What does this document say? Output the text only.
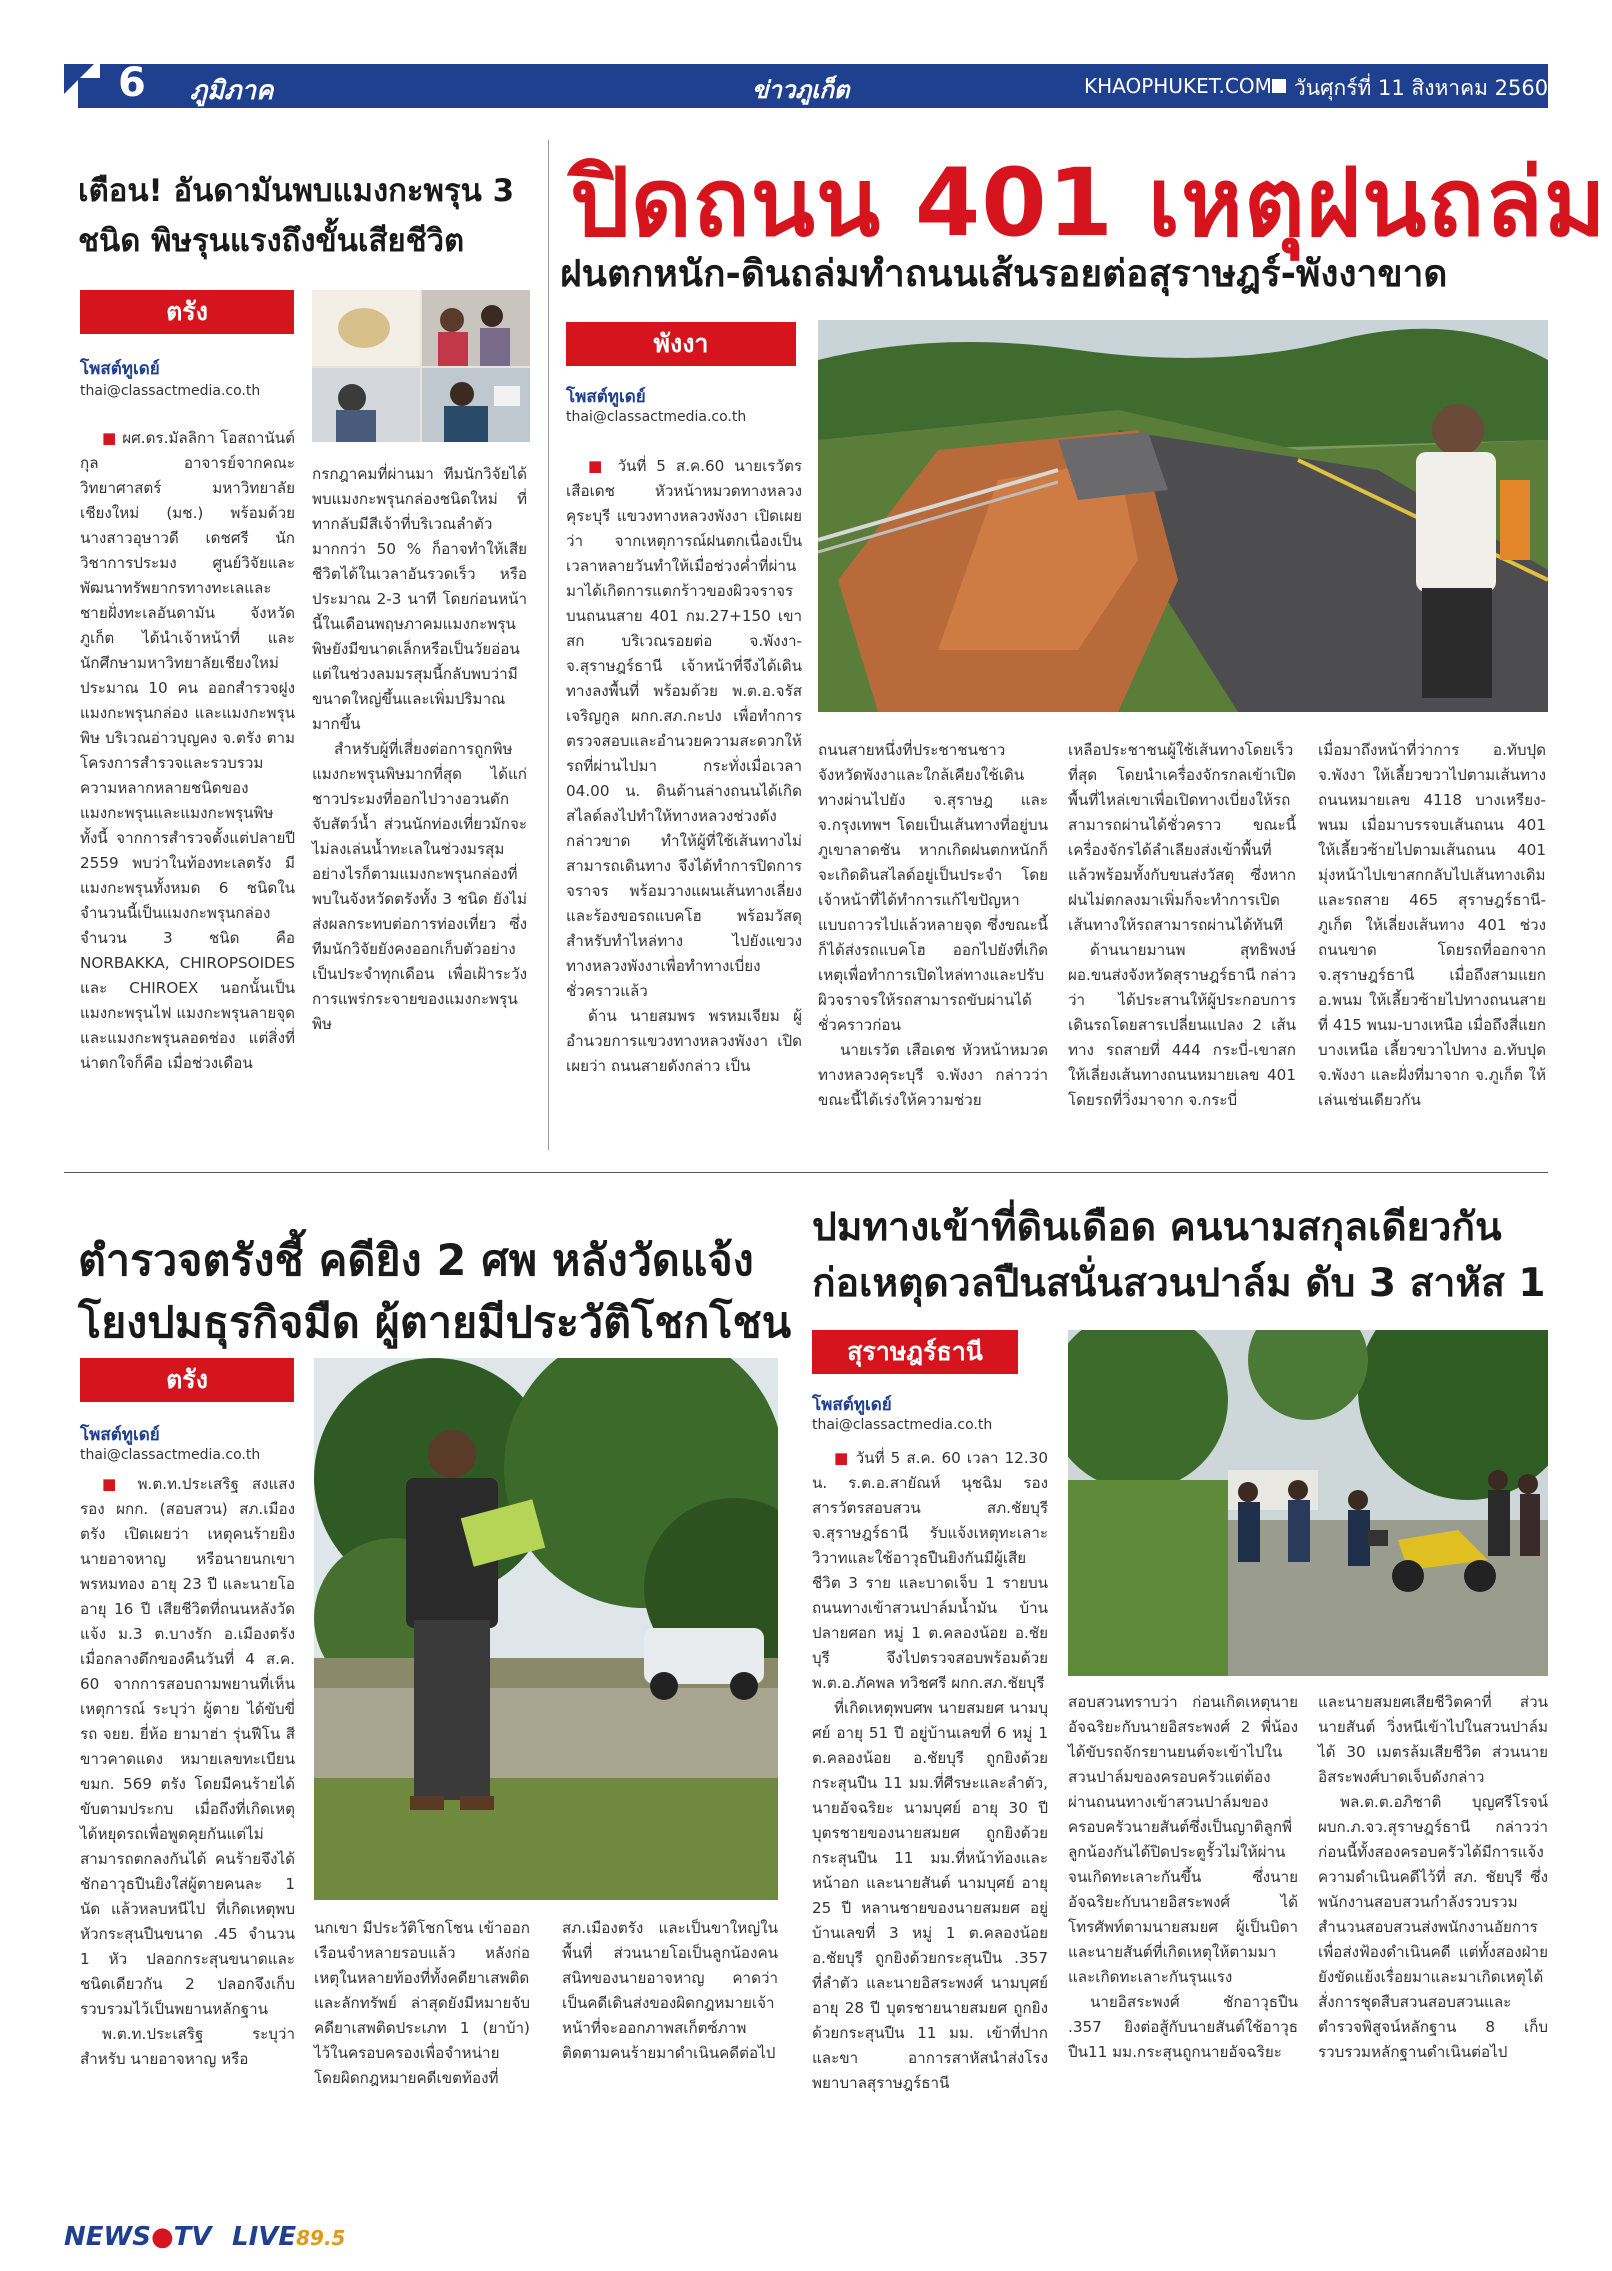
6 ภูมิภาค	ข่าวภูเก็ต	KHAOPHUKET.COM วันศุกร์ที่ 11 สิงหาคม 2560
เตือน! อันดามันพบแมงกะพรุน 3 ชนิด พิษรุนแรงถึงขั้นเสียชีวิต
ตรัง
โพสต์ทูเดย์
thai@classactmedia.co.th

■ ผศ.ดร.มัลลิกา โอสถานันต์กุล อาจารย์จากคณะวิทยาศาสตร์ มหาวิทยาลัยเชียงใหม่ (มช.) พร้อมด้วยนางสาวอุษาวดี เดชศรี นักวิชาการประมง ศูนย์วิจัยและพัฒนาทรัพยากรทางทะเลและชายฝั่งทะเลอันดามัน จังหวัดภูเก็ต ได้นำเจ้าหน้าที่ และนักศึกษามหาวิทยาลัยเชียงใหม่ ประมาณ 10 คน ออกสำรวจฝูงแมงกะพรุนกล่อง และแมงกะพรุนพิษ บริเวณอ่าวบุญคง จ.ตรัง ตามโครงการสำรวจและรวบรวมความหลากหลายชนิดของแมงกะพรุนและแมงกะพรุนพิษทั้งนี้ จากการสำรวจตั้งแต่ปลายปี 2559 พบว่าในท้องทะเลตรัง มีแมงกะพรุนทั้งหมด 6 ชนิดในจำนวนนี้เป็นแมงกะพรุนกล่อง จำนวน 3 ชนิด คือ NORBAKKA, CHIROPSOIDES และ CHIROEX นอกนั้นเป็นแมงกะพรุนไฟ แมงกะพรุนลายจุด และแมงกะพรุนลอดช่อง แต่สิ่งที่น่าตกใจก็คือ เมื่อช่วงเดือน

กรกฎาคมที่ผ่านมา ทีมนักวิจัยได้พบแมงกะพรุนกล่องชนิดใหม่ ที่ทากลับมีสีเจ้าที่บริเวณลำตัวมากกว่า 50 % ก็อาจทำให้เสียชีวิตได้ในเวลาอันรวดเร็ว หรือประมาณ 2-3 นาที โดยก่อนหน้านี้ในเดือนพฤษภาคมแมงกะพรุนพิษยังมีขนาดเล็กหรือเป็นวัยอ่อน แต่ในช่วงลมมรสุมนี้กลับพบว่ามีขนาดใหญ่ขึ้นและเพิ่มปริมาณมากขึ้น

สำหรับผู้ที่เสี่ยงต่อการถูกพิษแมงกะพรุนพิษมากที่สุด ได้แก่ ชาวประมงที่ออกไปวางอวนดักจับสัตว์น้ำ ส่วนนักท่องเที่ยวมักจะไม่ลงเล่นน้ำทะเลในช่วงมรสุม อย่างไรก็ตามแมงกะพรุนกล่องที่พบในจังหวัดตรังทั้ง 3 ชนิด ยังไม่ส่งผลกระทบต่อการท่องเที่ยว ซึ่งทีมนักวิจัยยังคงออกเก็บตัวอย่างเป็นประจำทุกเดือน เพื่อเฝ้าระวังการแพร่กระจายของแมงกะพรุนพิษ

ปิดถนน 401 เหตุฝนถล่ม
ฝนตกหนัก-ดินถล่มทำถนนเส้นรอยต่อสุราษฎร์-พังงาขาด
พังงา
โพสต์ทูเดย์
thai@classactmedia.co.th

■ วันที่ 5 ส.ค.60 นายเรวัตร เสือเดช หัวหน้าหมวดทางหลวงคุระบุรี แขวงทางหลวงพังงา เปิดเผยว่า จากเหตุการณ์ฝนตกเนื่องเป็นเวลาหลายวันทำให้เมื่อช่วงค่ำที่ผ่านมาได้เกิดการแตกร้าวของผิวจราจรบนถนนสาย 401 กม.27+150 เขาสก บริเวณรอยต่อ จ.พังงา-จ.สุราษฎร์ธานี เจ้าหน้าที่จึงได้เดินทางลงพื้นที่ พร้อมด้วย พ.ต.อ.จรัส เจริญกูล ผกก.สภ.กะปง เพื่อทำการตรวจสอบและอำนวยความสะดวกให้รถที่ผ่านไปมา กระทั่งเมื่อเวลา 04.00 น. ดินด้านล่างถนนได้เกิดสไลด์ลงไปทำให้ทางหลวงช่วงดังกล่าวขาด ทำให้ผู้ที่ใช้เส้นทางไม่สามารถเดินทาง จึงได้ทำการปิดการจราจร พร้อมวางแผนเส้นทางเลี่ยง และร้องขอรถแบคโฮ พร้อมวัสดุสำหรับทำไหล่ทาง ไปยังแขวงทางหลวงพังงาเพื่อทำทางเบี่ยงชั่วคราวแล้ว

ด้าน นายสมพร พรหมเจียม ผู้อำนวยการแขวงทางหลวงพังงา เปิดเผยว่า ถนนสายดังกล่าว เป็น

ถนนสายหนึ่งที่ประชาชนชาวจังหวัดพังงาและใกล้เคียงใช้เดินทางผ่านไปยัง จ.สุราษฎ และ จ.กรุงเทพฯ โดยเป็นเส้นทางที่อยู่บนภูเขาลาดชัน หากเกิดฝนตกหนักก็จะเกิดดินสไลด์อยู่เป็นประจำ โดยเจ้าหน้าที่ได้ทำการแก้ไขปัญหาแบบถาวรไปแล้วหลายจุด ซึ่งขณะนี้ก็ได้ส่งรถแบคโฮ ออกไปยังที่เกิดเหตุเพื่อทำการเปิดไหล่ทางและปรับผิวจราจรให้รถสามารถขับผ่านได้ชั่วคราวก่อน

นายเรวัต เสือเดช หัวหน้าหมวดทางหลวงคุระบุรี จ.พังงา กล่าวว่า ขณะนี้ได้เร่งให้ความช่วย

เหลือประชาชนผู้ใช้เส้นทางโดยเร็วที่สุด โดยนำเครื่องจักรกลเข้าเปิดพื้นที่ไหล่เขาเพื่อเปิดทางเบี่ยงให้รถสามารถผ่านได้ชั่วคราว ขณะนี้เครื่องจักรได้ลำเลียงส่งเข้าพื้นที่แล้วพร้อมทั้งกับขนส่งวัสดุ ซึ่งหากฝนไม่ตกลงมาเพิ่มก็จะทำการเปิดเส้นทางให้รถสามารถผ่านได้ทันที

ด้านนายมานพ สุทธิพงษ์ ผอ.ขนส่งจังหวัดสุราษฎร์ธานี กล่าวว่า ได้ประสานให้ผู้ประกอบการเดินรถโดยสารเปลี่ยนแปลง 2 เส้นทาง รถสายที่ 444 กระบี่-เขาสก ให้เลี่ยงเส้นทางถนนหมายเลข 401 โดยรถที่วิ่งมาจาก จ.กระบี่

เมื่อมาถึงหน้าที่ว่าการ อ.ทับปุด จ.พังงา ให้เลี้ยวขวาไปตามเส้นทางถนนหมายเลข 4118 บางเหรียง-พนม เมื่อมาบรรจบเส้นถนน 401 ให้เลี้ยวซ้ายไปตามเส้นถนน 401 มุ่งหน้าไปเขาสกกลับไปเส้นทางเดิม และรถสาย 465 สุราษฎร์ธานี-ภูเก็ต ให้เลี่ยงเส้นทาง 401 ช่วงถนนขาด โดยรถที่ออกจาก จ.สุราษฎร์ธานี เมื่อถึงสามแยก อ.พนม ให้เลี้ยวซ้ายไปทางถนนสายที่ 415 พนม-บางเหนือ เมื่อถึงสี่แยกบางเหนือ เลี้ยวขวาไปทาง อ.ทับปุด จ.พังงา และฝั่งที่มาจาก จ.ภูเก็ต ให้เล่นเช่นเดียวกัน

ตำรวจตรังชี้ คดียิง 2 ศพ หลังวัดแจ้ง โยงปมธุรกิจมืด ผู้ตายมีประวัติโชกโชน
ตรัง
โพสต์ทูเดย์
thai@classactmedia.co.th

■ พ.ต.ท.ประเสริฐ สงแสง รอง ผกก. (สอบสวน) สภ.เมืองตรัง เปิดเผยว่า เหตุคนร้ายยิงนายอาจหาญ หรือนายนกเขา พรหมทอง อายุ 23 ปี และนายโอ อายุ 16 ปี เสียชีวิตที่ถนนหลังวัดแจ้ง ม.3 ต.บางรัก อ.เมืองตรัง เมื่อกลางดึกของคืนวันที่ 4 ส.ค. 60 จากการสอบถามพยานที่เห็นเหตุการณ์ ระบุว่า ผู้ตาย ได้ขับขี่รถ จยย. ยี่ห้อ ยามาฮ่า รุ่นฟีโน สีขาวคาดแดง หมายเลขทะเบียน ขมก. 569 ตรัง โดยมีคนร้ายได้ขับตามประกบ เมื่อถึงที่เกิดเหตุได้หยุดรถเพื่อพูดคุยกันแต่ไม่สามารถตกลงกันได้ คนร้ายจึงได้ชักอาวุธปืนยิงใส่ผู้ตายคนละ 1 นัด แล้วหลบหนีไป ที่เกิดเหตุพบหัวกระสุนปืนขนาด .45 จำนวน 1 หัว ปลอกกระสุนขนาดและชนิดเดียวกัน 2 ปลอกจึงเก็บรวบรวมไว้เป็นพยานหลักฐาน

พ.ต.ท.ประเสริฐ ระบุว่า สำหรับ นายอาจหาญ หรือ

นกเขา มีประวัติโชกโชน เข้าออกเรือนจำหลายรอบแล้ว หลังก่อเหตุในหลายท้องที่ทั้งคดียาเสพติด และลักทรัพย์ ล่าสุดยังมีหมายจับคดียาเสพติดประเภท 1 (ยาบ้า) ไว้ในครอบครองเพื่อจำหน่าย โดยผิดกฎหมายคดีเขตท้องที่

สภ.เมืองตรัง และเป็นขาใหญ่ในพื้นที่ ส่วนนายโอเป็นลูกน้องคนสนิทของนายอาจหาญ คาดว่าเป็นคดีเดินส่งของผิดกฎหมายเจ้าหน้าที่จะออกภาพสเก็ตซ์ภาพติดตามคนร้ายมาดำเนินคดีต่อไป

ปมทางเข้าที่ดินเดือด คนนามสกุลเดียวกัน ก่อเหตุดวลปืนสนั่นสวนปาล์ม ดับ 3 สาหัส 1
สุราษฎร์ธานี
โพสต์ทูเดย์
thai@classactmedia.co.th

■ วันที่ 5 ส.ค. 60 เวลา 12.30 น. ร.ต.อ.สายัณห์ นุชฉิม รอง สารวัตรสอบสวน สภ.ชัยบุรี จ.สุราษฎร์ธานี รับแจ้งเหตุทะเลาะวิวาทและใช้อาวุธปืนยิงกันมีผู้เสียชีวิต 3 ราย และบาดเจ็บ 1 รายบนถนนทางเข้าสวนปาล์มน้ำมัน บ้านปลายศอก หมู่ 1 ต.คลองน้อย อ.ชัยบุรี จึงไปตรวจสอบพร้อมด้วย พ.ต.อ.ภัคพล ทวิชศรี ผกก.สภ.ชัยบุรี

ที่เกิดเหตุพบศพ นายสมยศ นามบุศย์ อายุ 51 ปี อยู่บ้านเลขที่ 6 หมู่ 1 ต.คลองน้อย อ.ชัยบุรี ถูกยิงด้วยกระสุนปืน 11 มม.ที่ศีรษะและลำตัว, นายอัจฉริยะ นามบุศย์ อายุ 30 ปี บุตรชายของนายสมยศ ถูกยิงด้วยกระสุนปืน 11 มม.ที่หน้าท้องและหน้าอก และนายสันต์ นามบุศย์ อายุ 25 ปี หลานชายของนายสมยศ อยู่บ้านเลขที่ 3 หมู่ 1 ต.คลองน้อย อ.ชัยบุรี ถูกยิงด้วยกระสุนปืน .357 ที่ลำตัว และนายอิสระพงศ์ นามบุศย์ อายุ 28 ปี บุตรชายนายสมยศ ถูกยิงด้วยกระสุนปืน 11 มม. เข้าที่ปากและขา อาการสาหัสนำส่งโรงพยาบาลสุราษฎร์ธานี

สอบสวนทราบว่า ก่อนเกิดเหตุนายอัจฉริยะกับนายอิสระพงศ์ 2 พี่น้องได้ขับรถจักรยานยนต์จะเข้าไปในสวนปาล์มของครอบครัวแต่ต้องผ่านถนนทางเข้าสวนปาล์มของครอบครัวนายสันต์ซึ่งเป็นญาติลูกพี่ลูกน้องกันได้ปิดประตูรั้วไม่ให้ผ่านจนเกิดทะเลาะกันขึ้น ซึ่งนายอัจฉริยะกับนายอิสระพงศ์ ได้โทรศัพท์ตามนายสมยศ ผู้เป็นบิดา และนายสันต์ที่เกิดเหตุให้ตามมา และเกิดทะเลาะกันรุนแรง

นายอิสระพงศ์ ชักอาวุธปืน .357 ยิงต่อสู้กับนายสันต์ใช้อาวุธปืน11 มม.กระสุนถูกนายอัจฉริยะ

และนายสมยศเสียชีวิตคาที่ ส่วนนายสันต์ วิ่งหนีเข้าไปในสวนปาล์มได้ 30 เมตรล้มเสียชีวิต ส่วนนายอิสระพงศ์บาดเจ็บดังกล่าว

พล.ต.ต.อภิชาติ บุญศรีโรจน์ ผบก.ภ.จว.สุราษฎร์ธานี กล่าวว่า ก่อนนี้ทั้งสองครอบครัวได้มีการแจ้งความดำเนินคดีไว้ที่ สภ. ชัยบุรี ซึ่งพนักงานสอบสวนกำลังรวบรวมสำนวนสอบสวนส่งพนักงานอัยการเพื่อส่งฟ้องดำเนินคดี แต่ทั้งสองฝ่ายยังขัดแย้งเรื่อยมาและมาเกิดเหตุได้สั่งการชุดสืบสวนสอบสวนและตำรวจพิสูจน์หลักฐาน 8 เก็บรวบรวมหลักฐานดำเนินต่อไป

NEWS●TV LIVE89.5
